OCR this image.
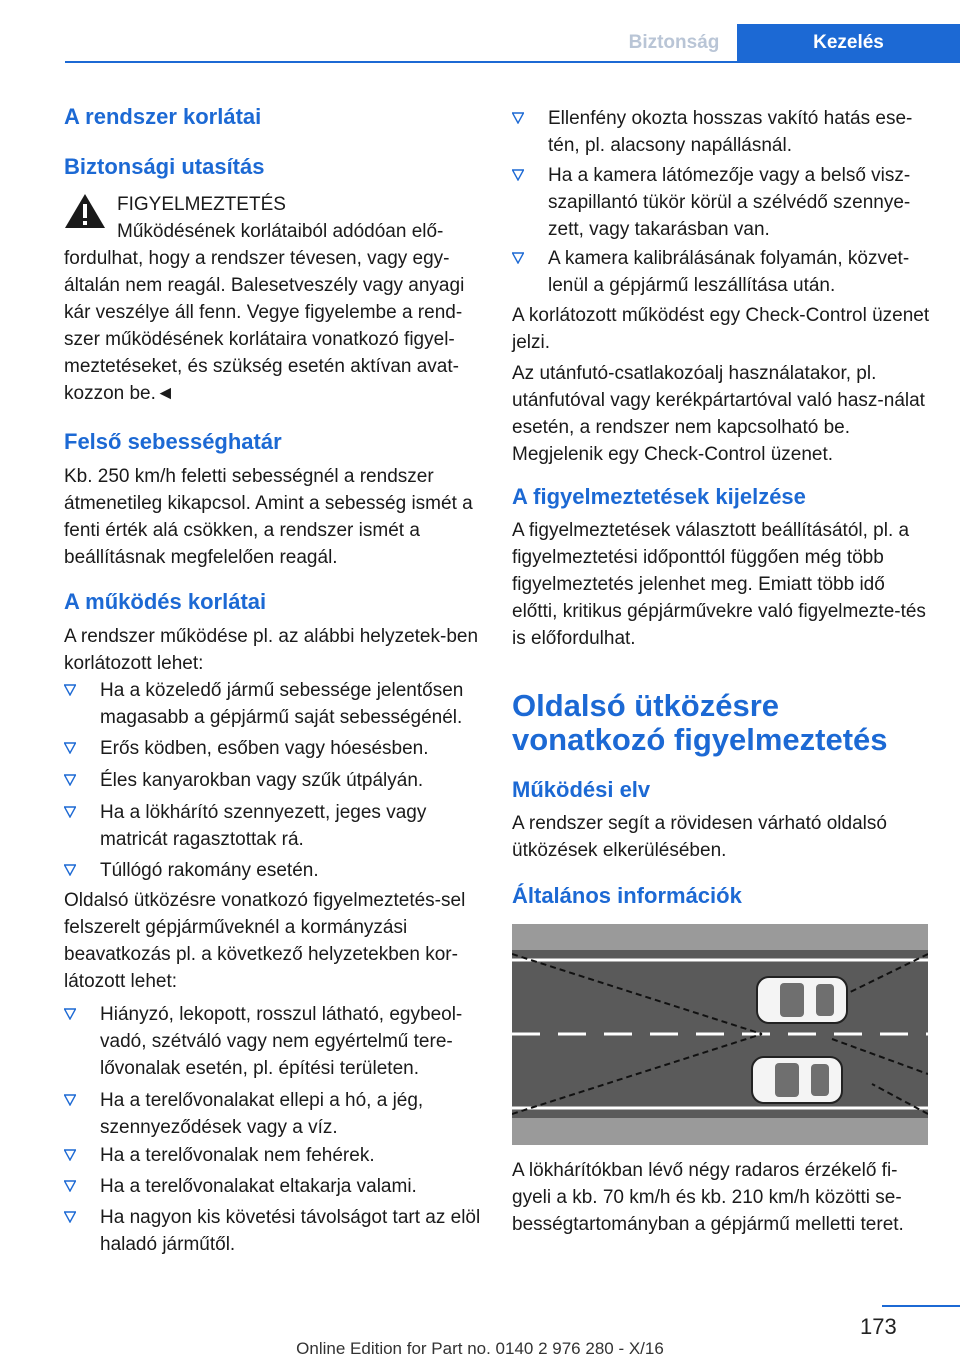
Biztonság	Kezelés
A rendszer korlátai
Biztonsági utasítás
FIGYELMEZTETÉS
Működésének korlátaiból adódóan elő-
fordulhat, hogy a rendszer tévesen, vagy egy-általán nem reagál. Balesetveszély vagy anyagi kár veszélye áll fenn. Vegye figyelembe a rend-szer működésének korlátaira vonatkozó figyel-meztetéseket, és szükség esetén aktívan avat-kozzon be.◄
Felső sebességhatár
Kb. 250 km/h feletti sebességnél a rendszer átmenetileg kikapcsol. Amint a sebesség ismét a fenti érték alá csökken, a rendszer ismét a beállításnak megfelelően reagál.
A működés korlátai
A rendszer működése pl. az alábbi helyzetek-ben korlátozott lehet:
Ha a közeledő jármű sebessége jelentősen magasabb a gépjármű saját sebességénél.
Erős ködben, esőben vagy hóesésben.
Éles kanyarokban vagy szűk útpályán.
Ha a lökhárító szennyezett, jeges vagy matricát ragasztottak rá.
Túllógó rakomány esetén.
Oldalsó ütközésre vonatkozó figyelmeztetés-sel felszerelt gépjárműveknél a kormányzási beavatkozás pl. a következő helyzetekben kor-látozott lehet:
Hiányzó, lekopott, rosszul látható, egybeol-vadó, szétváló vagy nem egyértelmű tere-lővonalak esetén, pl. építési területen.
Ha a terelővonalakat ellepi a hó, a jég, szennyeződések vagy a víz.
Ha a terelővonalak nem fehérek.
Ha a terelővonalakat eltakarja valami.
Ha nagyon kis követési távolságot tart az elöl haladó járműtől.
Ellenfény okozta hosszas vakító hatás ese-tén, pl. alacsony napállásnál.
Ha a kamera látómezője vagy a belső visz-szapillantó tükör körül a szélvédő szennye-zett, vagy takarásban van.
A kamera kalibrálásának folyamán, közvet-lenül a gépjármű leszállítása után.
A korlátozott működést egy Check-Control üzenet jelzi.
Az utánfutó-csatlakozóalj használatakor, pl. utánfutóval vagy kerékpártartóval való hasz-nálat esetén, a rendszer nem kapcsolható be. Megjelenik egy Check-Control üzenet.
A figyelmeztetések kijelzése
A figyelmeztetések választott beállításától, pl. a figyelmeztetési időponttól függően még több figyelmeztetés jelenhet meg. Emiatt több idő előtti, kritikus gépjárművekre való figyelmezte-tés is előfordulhat.
Oldalsó ütközésre vonatkozó figyelmeztetés
Működési elv
A rendszer segít a rövidesen várható oldalsó ütközések elkerülésében.
Általános információk
A lökhárítókban lévő négy radaros érzékelő fi-gyeli a kb. 70 km/h és kb. 210 km/h közötti se-bességtartományban a gépjármű melletti teret.
173
Online Edition for Part no. 0140 2 976 280 - X/16
